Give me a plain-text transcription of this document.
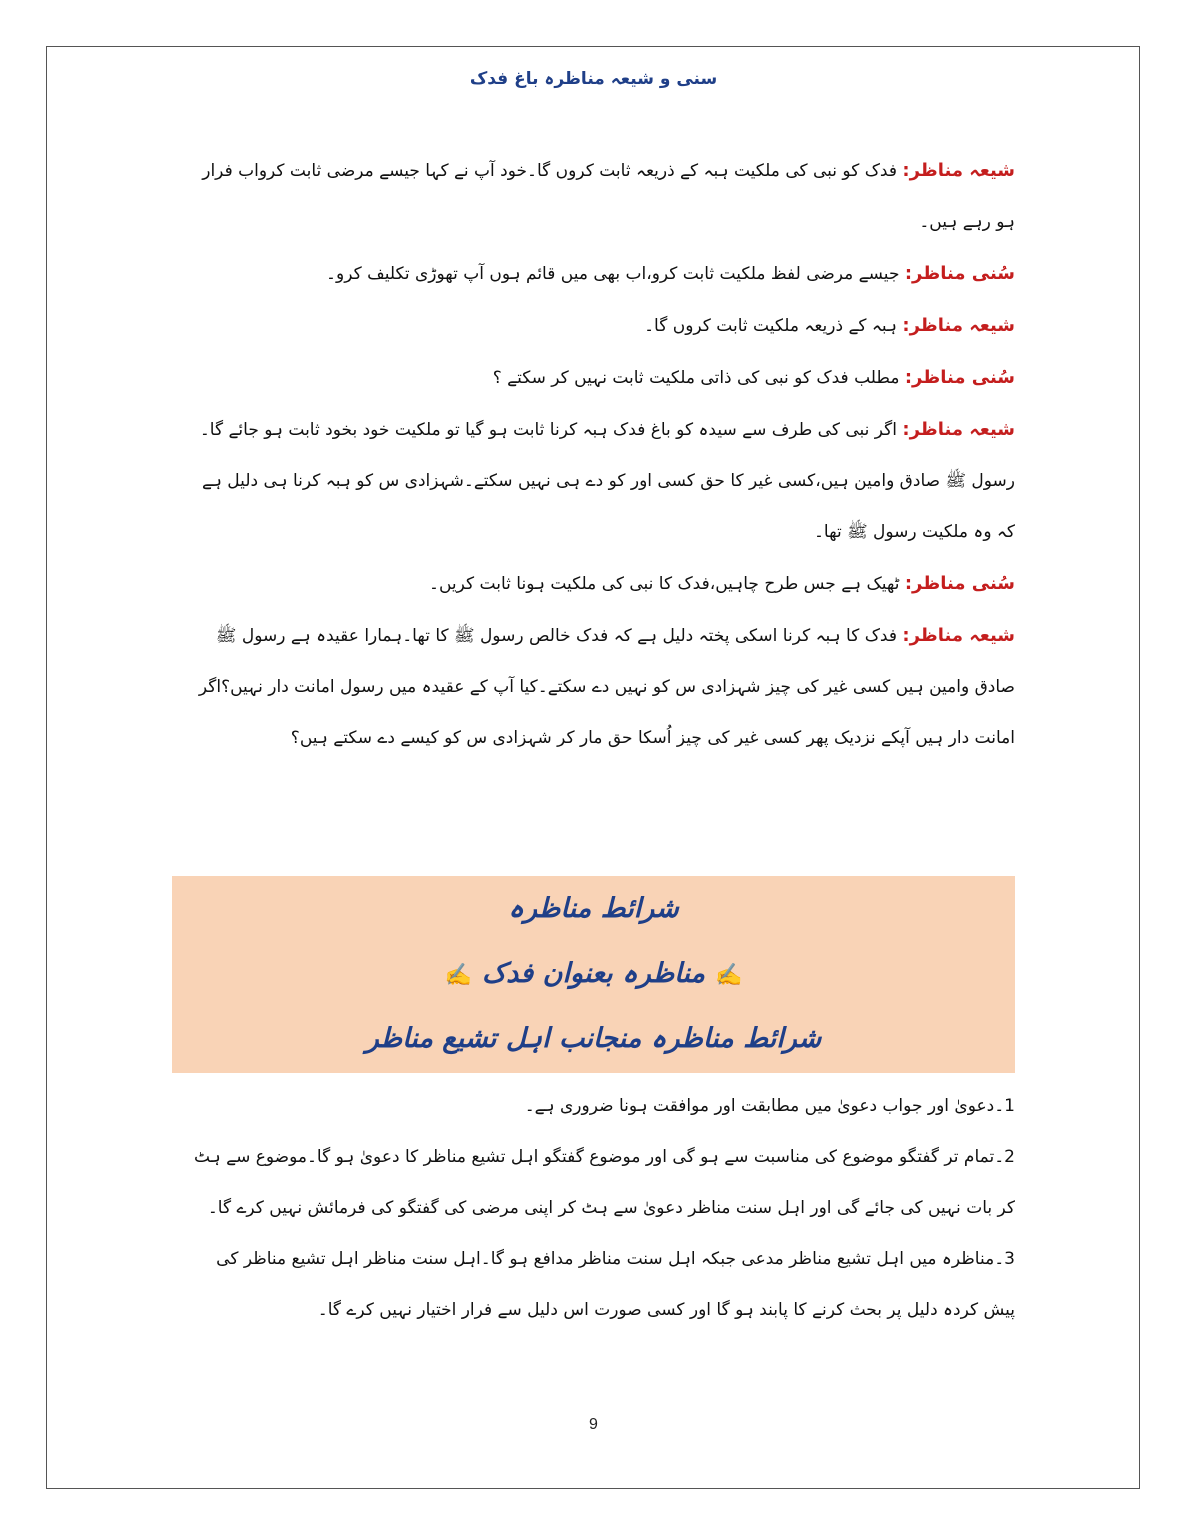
سنی و شیعہ مناظرہ باغ فدک

شیعہ مناظر: فدک کو نبی کی ملکیت ہبہ کے ذریعہ ثابت کروں گا۔خود آپ نے کہا جیسے مرضی ثابت کرواب فرار ہو رہے ہیں۔

سُنی مناظر: جیسے مرضی لفظ ملکیت ثابت کرو،اب بھی میں قائم ہوں آپ تھوڑی تکلیف کرو۔

شیعہ مناظر: ہبہ کے ذریعہ ملکیت ثابت کروں گا۔

سُنی مناظر: مطلب فدک کو نبی کی ذاتی ملکیت ثابت نہیں کر سکتے ؟

شیعہ مناظر: اگر نبی کی طرف سے سیدہ کو باغ فدک ہبہ کرنا ثابت ہو گیا تو ملکیت خود بخود ثابت ہو جائے گا۔

رسول ﷺ صادق وامین ہیں،کسی غیر کا حق کسی اور کو دے ہی نہیں سکتے۔شہزادی س کو ہبہ کرنا ہی دلیل ہے کہ وہ ملکیت رسول ﷺ تھا۔

سُنی مناظر: ٹھیک ہے جس طرح چاہیں،فدک کا نبی کی ملکیت ہونا ثابت کریں۔

شیعہ مناظر: فدک کا ہبہ کرنا اسکی پختہ دلیل ہے کہ فدک خالص رسول ﷺ کا تھا۔ہمارا عقیدہ ہے رسول ﷺ صادق وامین ہیں کسی غیر کی چیز شہزادی س کو نہیں دے سکتے۔کیا آپ کے عقیدہ میں رسول امانت دار نہیں؟اگر امانت دار ہیں آپکے نزدیک پھر کسی غیر کی چیز اُسکا حق مار کر شہزادی س کو کیسے دے سکتے ہیں؟

شرائط مناظرہ

✍مناظرہ بعنوان فدک✍

شرائط مناظرہ منجانب اہل تشیع مناظر

1۔دعویٰ اور جواب دعویٰ میں مطابقت اور موافقت ہونا ضروری ہے۔

2۔تمام تر گفتگو موضوع کی مناسبت سے ہو گی اور موضوع گفتگو اہل تشیع مناظر کا دعویٰ ہو گا۔موضوع سے ہٹ کر بات نہیں کی جائے گی اور اہل سنت مناظر دعویٰ سے ہٹ کر اپنی مرضی کی گفتگو کی فرمائش نہیں کرے گا۔

3۔مناظرہ میں اہل تشیع مناظر مدعی جبکہ اہل سنت مناظر مدافع ہو گا۔اہل سنت مناظر اہل تشیع مناظر کی پیش کردہ دلیل پر بحث کرنے کا پابند ہو گا اور کسی صورت اس دلیل سے فرار اختیار نہیں کرے گا۔

9
